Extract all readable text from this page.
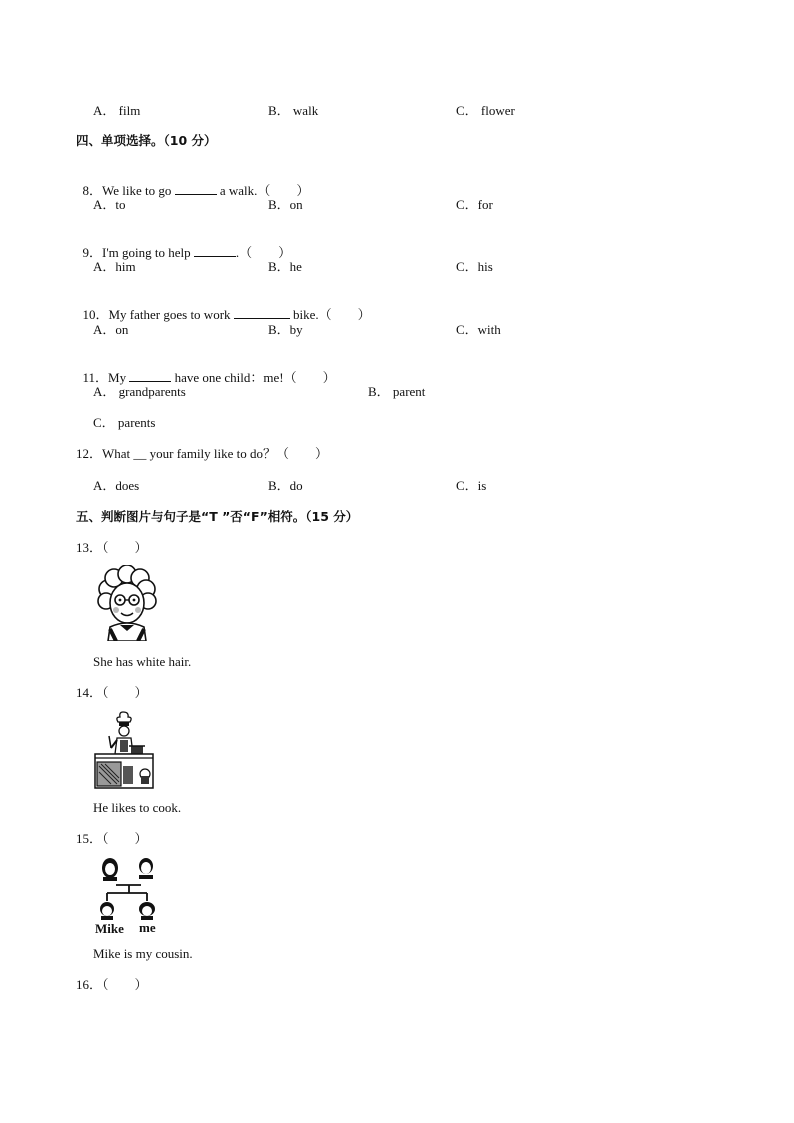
A． film	B． walk	C． flower
四、单项选择。（10 分）

8．We like to go	a walk.（　　）

A．to	B．on	C．for

9．I'm going to help	.（　　）

A．him	B．he	C．his

10．My father goes to work	bike.（　　）

A．on	B．by	C．with

11．My	have one child：me!（　　）

A． grandparents	B． parent
C． parents
12．What __ your family like to do？（　　）
A．does	B．do	C．is
五、判断图片与句子是“T ”否“F”相符。（15 分）
13．（　　）
She has white hair.
14．（　　）
He likes to cook.
15．（　　）
Mike me
Mike is my cousin.
16．（　　）
